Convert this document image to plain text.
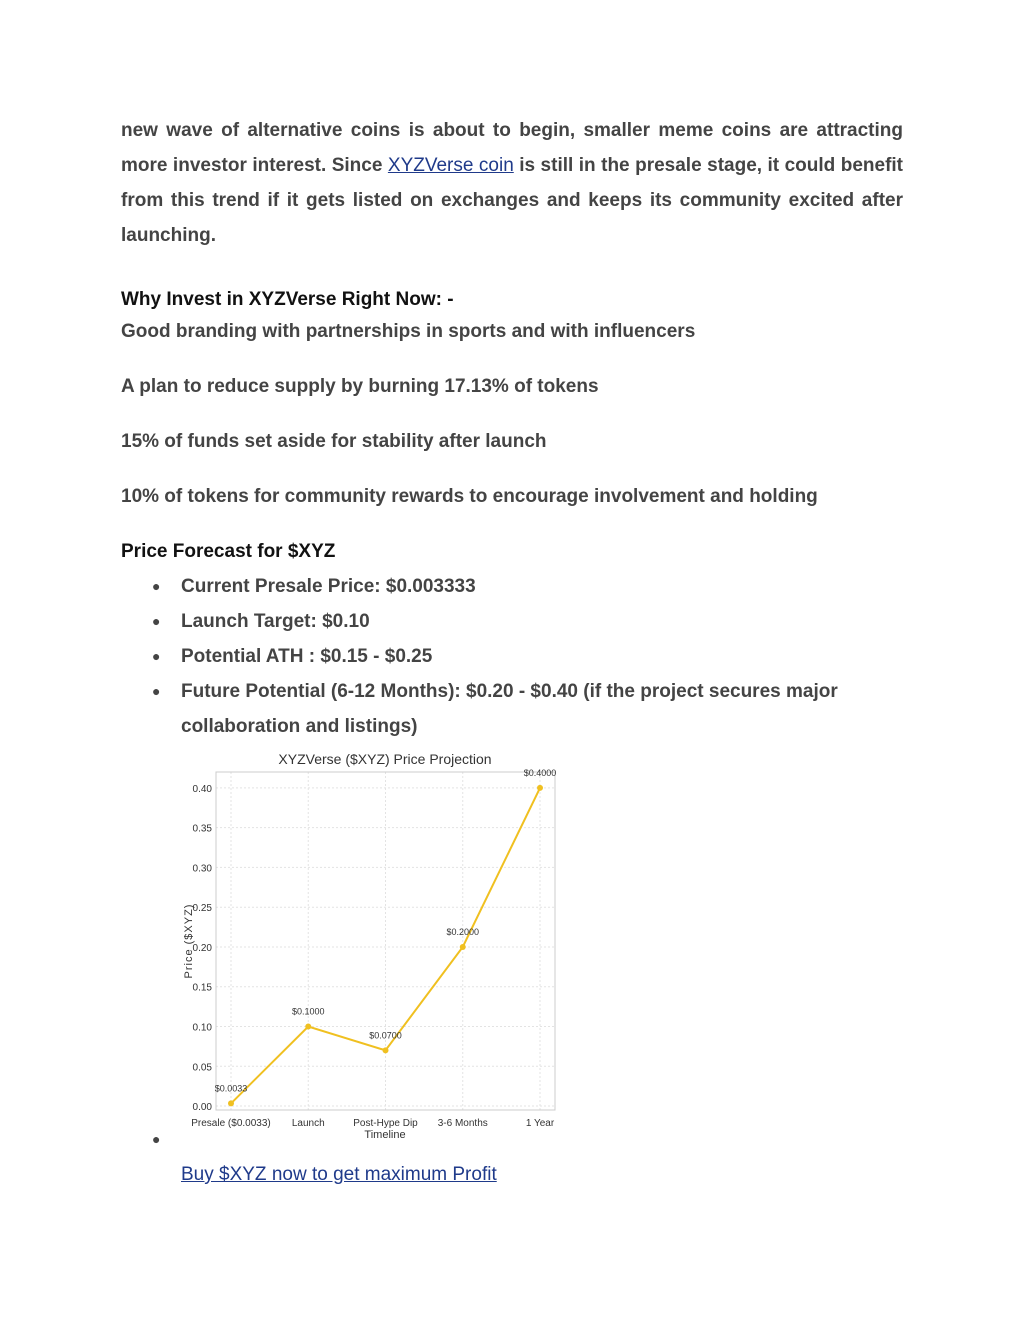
new wave of alternative coins is about to begin, smaller meme coins are attracting more investor interest. Since XYZVerse coin is still in the presale stage, it could benefit from this trend if it gets listed on exchanges and keeps its community excited after launching.

Why Invest in XYZVerse Right Now: -

Good branding with partnerships in sports and with influencers

A plan to reduce supply by burning 17.13% of tokens

15% of funds set aside for stability after launch

10% of tokens for community rewards to encourage involvement and holding

Price Forecast for $XYZ

● Current Presale Price: $0.003333
● Launch Target: $0.10
● Potential ATH : $0.15 - $0.25
● Future Potential (6-12 Months): $0.20 - $0.40 (if the project secures major collaboration and listings)
0.00
0.05
0.10
0.15
0.20
0.25
0.30
0.35
0.40
Presale ($0.0033) Launch	Post-Hype Dip 3-6 Months	1 Year
$0.0033
$0.1000
$0.0700
$0.2000
$0.4000
XYZVerse ($XYZ) Price Projection
Timeline
Price ($XYZ)
●
Buy $XYZ now to get maximum Profit
